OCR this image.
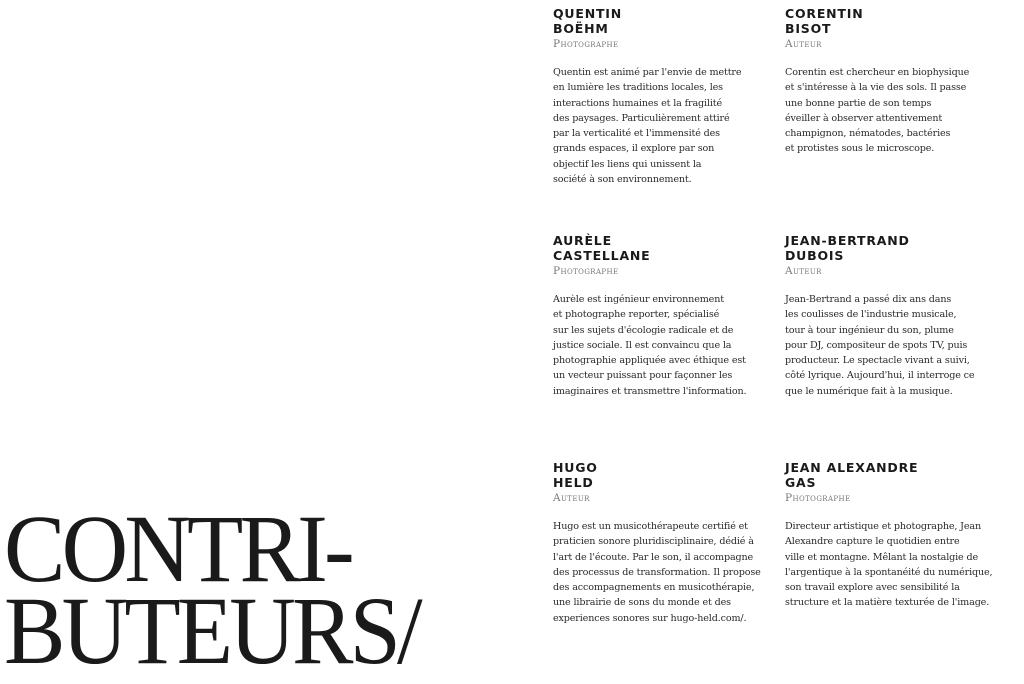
CONTRI-
BUTEURS/
QUENTIN
BOËHM
Photographe

Quentin est animé par l'envie de mettre
en lumière les traditions locales, les
interactions humaines et la fragilité
des paysages. Particulièrement attiré
par la verticalité et l'immensité des
grands espaces, il explore par son
objectif les liens qui unissent la
société à son environnement.

CORENTIN
BISOT
Auteur

Corentin est chercheur en biophysique
et s'intéresse à la vie des sols. Il passe
une bonne partie de son temps
éveiller à observer attentivement
champignon, nématodes, bactéries
et protistes sous le microscope.

AURÈLE
CASTELLANE
Photographe

Aurèle est ingénieur environnement
et photographe reporter, spécialisé
sur les sujets d'écologie radicale et de
justice sociale. Il est convaincu que la
photographie appliquée avec éthique est
un vecteur puissant pour façonner les
imaginaires et transmettre l'information.

JEAN-BERTRAND
DUBOIS
Auteur

Jean-Bertrand a passé dix ans dans
les coulisses de l'industrie musicale,
tour à tour ingénieur du son, plume
pour DJ, compositeur de spots TV, puis
producteur. Le spectacle vivant a suivi,
côté lyrique. Aujourd'hui, il interroge ce
que le numérique fait à la musique.

HUGO
HELD
Auteur

Hugo est un musicothérapeute certifié et
praticien sonore pluridisciplinaire, dédié à
l'art de l'écoute. Par le son, il accompagne
des processus de transformation. Il propose
des accompagnements en musicothérapie,
une librairie de sons du monde et des
experiences sonores sur hugo-held.com/.

JEAN ALEXANDRE
GAS
Photographe

Directeur artistique et photographe, Jean
Alexandre capture le quotidien entre
ville et montagne. Mêlant la nostalgie de
l'argentique à la spontanéité du numérique,
son travail explore avec sensibilité la
structure et la matière texturée de l'image.
